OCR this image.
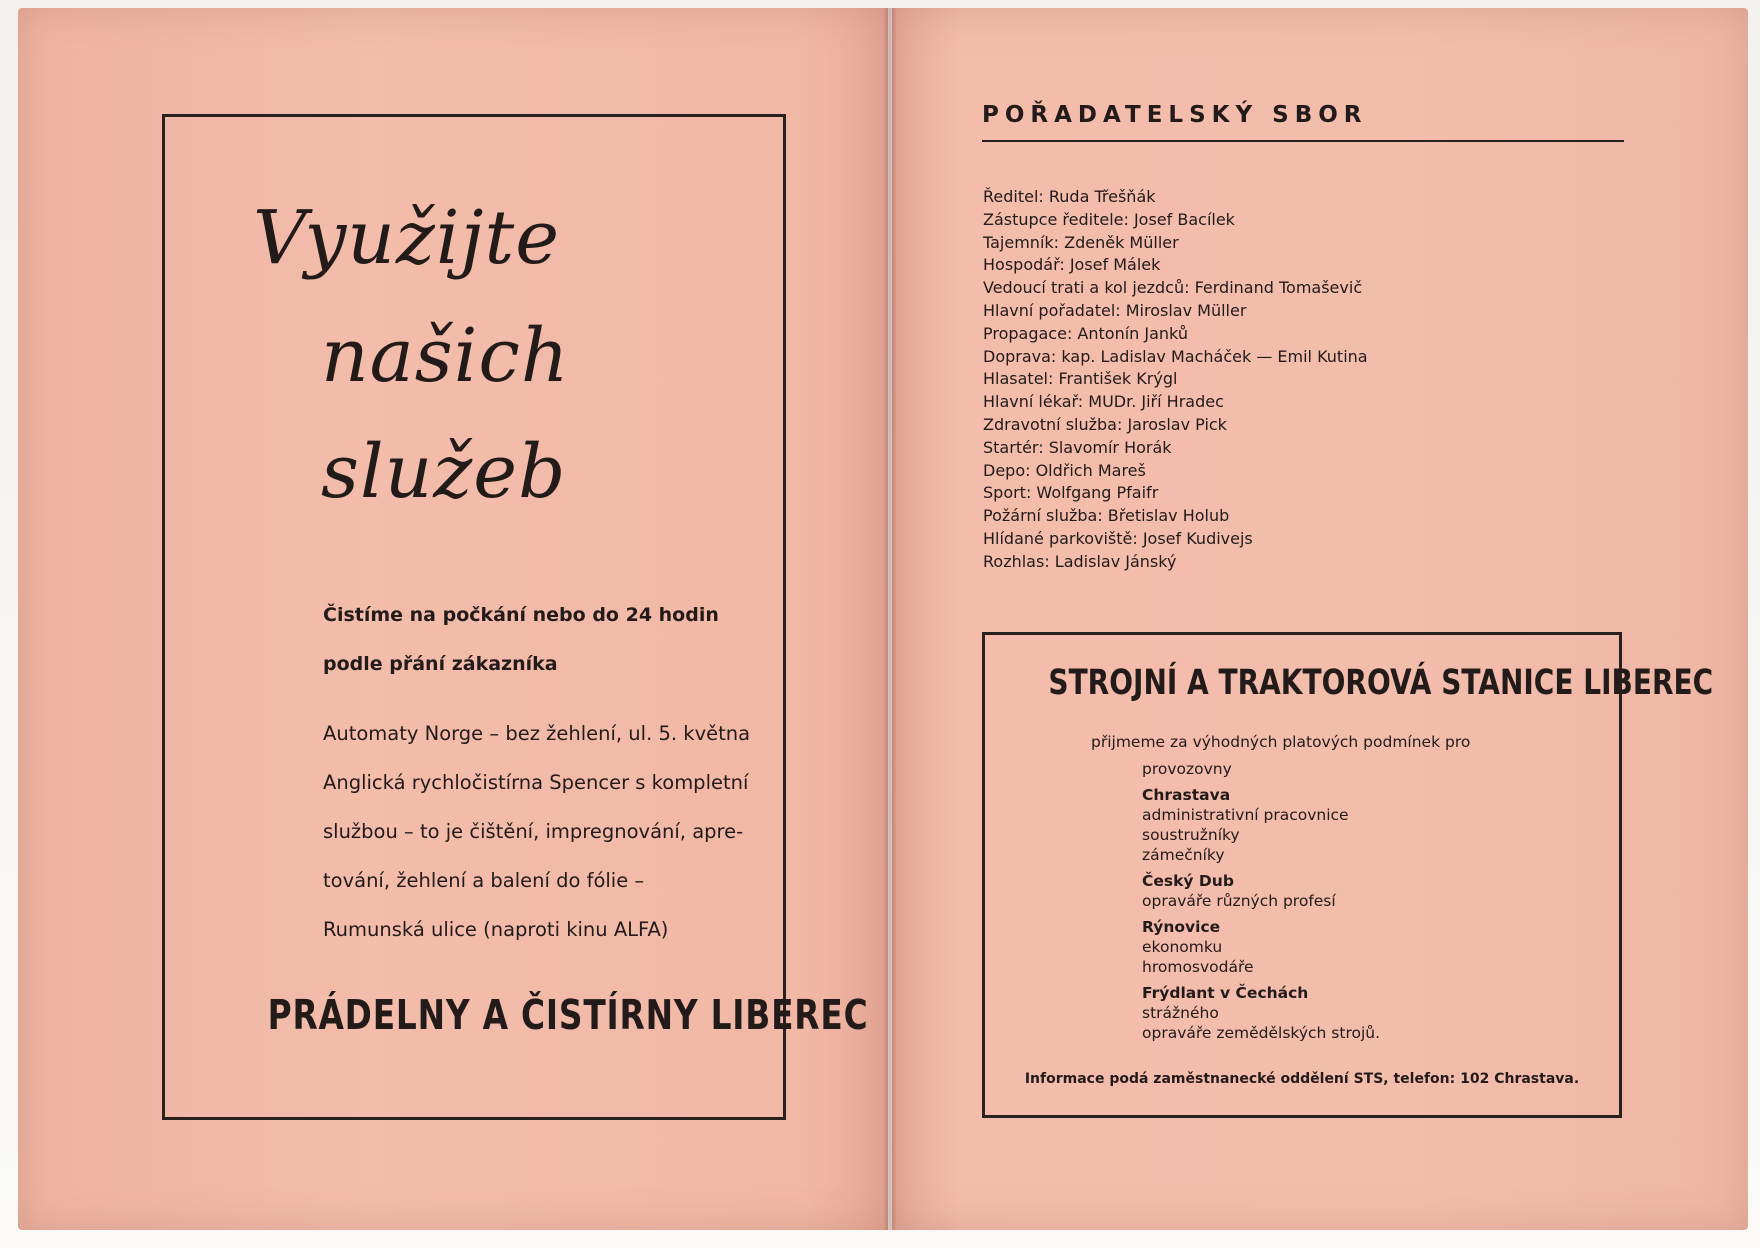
Využijte
našich
služeb
Čistíme na počkání nebo do 24 hodin podle přání zákazníka
Automaty Norge – bez žehlení, ul. 5. května
Anglická rychločistírna Spencer s kompletní
službou – to je čištění, impregnování, apre-
tování, žehlení a balení do fólie –
Rumunská ulice (naproti kinu ALFA)
PRÁDELNY A ČISTÍRNY LIBEREC
POŘADATELSKÝ SBOR
Ředitel: Ruda Třešňák
Zástupce ředitele: Josef Bacílek
Tajemník: Zdeněk Müller
Hospodář: Josef Málek
Vedoucí trati a kol jezdců: Ferdinand Tomaševič
Hlavní pořadatel: Miroslav Müller
Propagace: Antonín Janků
Doprava: kap. Ladislav Macháček — Emil Kutina
Hlasatel: František Krýgl
Hlavní lékař: MUDr. Jiří Hradec
Zdravotní služba: Jaroslav Pick
Startér: Slavomír Horák
Depo: Oldřich Mareš
Sport: Wolfgang Pfaifr
Požární služba: Břetislav Holub
Hlídané parkoviště: Josef Kudivejs
Rozhlas: Ladislav Jánský
STROJNÍ A TRAKTOROVÁ STANICE LIBEREC
přijmeme za výhodných platových podmínek pro
provozovny
Chrastava
administrativní pracovnice
soustružníky
zámečníky
Český Dub
opraváře různých profesí
Rýnovice
ekonomku
hromosvodáře
Frýdlant v Čechách
strážného
opraváře zemědělských strojů.
Informace podá zaměstnanecké oddělení STS, telefon: 102 Chrastava.
